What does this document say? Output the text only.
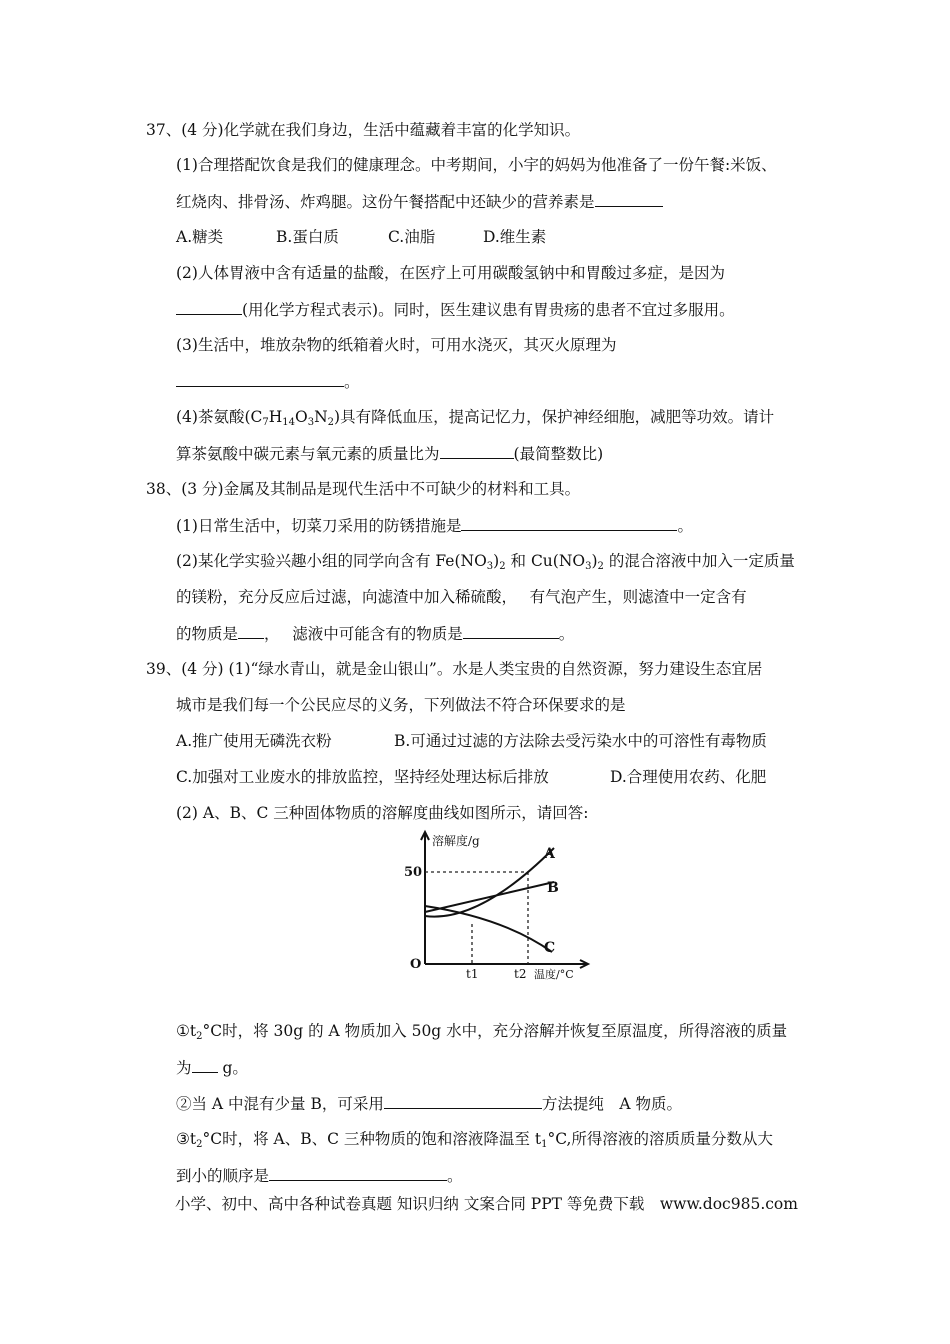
37、(4 分)化学就在我们身边，生活中蕴藏着丰富的化学知识。
(1)合理搭配饮食是我们的健康理念。中考期间，小宇的妈妈为他准备了一份午餐:米饭、
红烧肉、排骨汤、炸鸡腿。这份午餐搭配中还缺少的营养素是
A.糖类	B.蛋白质	C.油脂	D.维生素
(2)人体胃液中含有适量的盐酸，在医疗上可用碳酸氢钠中和胃酸过多症，是因为
(用化学方程式表示)。同时，医生建议患有胃贵疡的患者不宜过多服用。
(3)生活中，堆放杂物的纸箱着火时，可用水浇灭，其灭火原理为
。
(4)茶氨酸$(C_7H_{14}O_3N_2)$具有降低血压，提高记忆力，保护神经细胞，减肥等功效。请计
算茶氨酸中碳元素与氧元素的质量比为	(最简整数比)
38、(3 分)金属及其制品是现代生活中不可缺少的材料和工具。
(1)日常生活中，切菜刀采用的防锈措施是	。
(2)某化学实验兴趣小组的同学向含有 $Fe(NO_3)_2$ 和 $Cu(NO_3)_2$ 的混合溶液中加入一定质量
的镁粉，充分反应后过滤，向滤渣中加入稀硫酸，　 有气泡产生，则滤渣中一定含有
的物质是 ，　 滤液中可能含有的物质是	。
39、(4 分) (1)“绿水青山，就是金山银山”。水是人类宝贵的自然资源，努力建设生态宜居
城市是我们每一个公民应尽的义务，下列做法不符合环保要求的是
A.推广使用无磷洗衣粉	B.可通过过滤的方法除去受污染水中的可溶性有毒物质
C.加强对工业废水的排放监控，坚持经处理达标后排放	D.合理使用农药、化肥
(2) A、B、C 三种固体物质的溶解度曲线如图所示，请回答:
溶解度/g
50
O
A
B
C
t1	t2 温度/°C
$①t_2^\circ C$时，将 30g 的 A 物质加入 50g 水中，充分溶解并恢复至原温度，所得溶液的质量
为 g。
②当 A 中混有少量 B，可采用	方法提纯　A 物质。
$③t_2^\circ C$时，将 A、B、C 三种物质的饱和溶液降温至 $t_1^\circ C$,所得溶液的溶质质量分数从大
到小的顺序是	。
小学、初中、高中各种试卷真题 知识归纳 文案合同 PPT 等免费下载　www.doc985.com
